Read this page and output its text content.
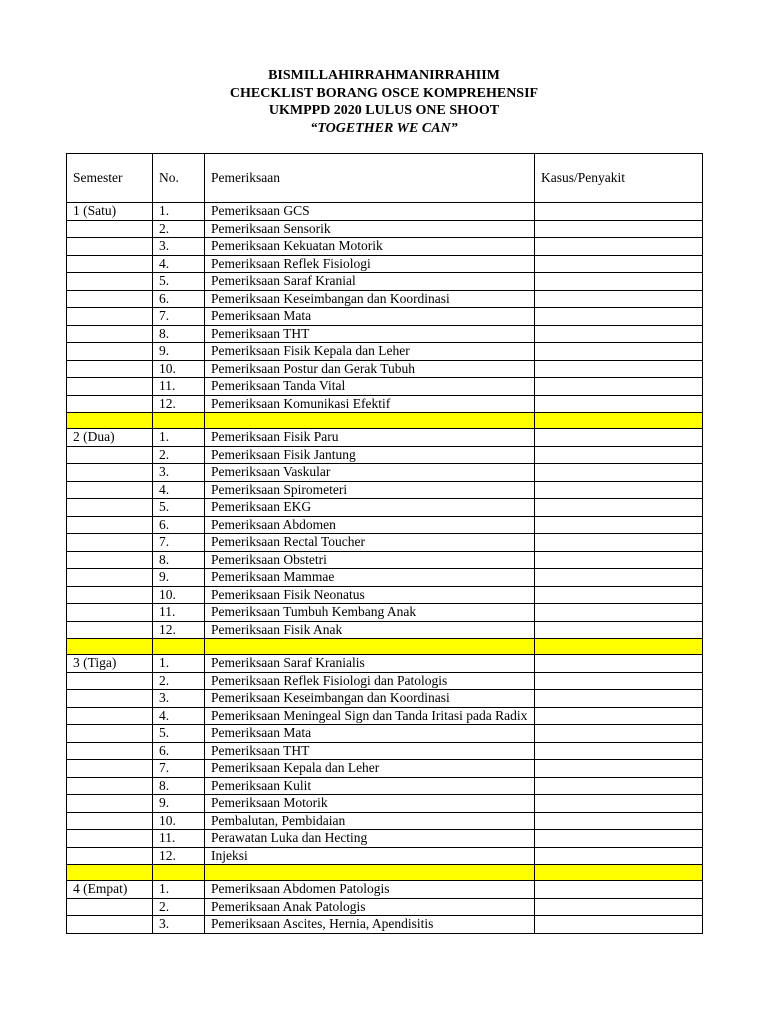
BISMILLAHIRRAHMANIRRAHIIM
CHECKLIST BORANG OSCE KOMPREHENSIF
UKMPPD 2020 LULUS ONE SHOOT
“TOGETHER WE CAN”
Semester	No.	Pemeriksaan	Kasus/Penyakit
1 (Satu)	1.	Pemeriksaan GCS	
	2.	Pemeriksaan Sensorik	
	3.	Pemeriksaan Kekuatan Motorik	
	4.	Pemeriksaan Reflek Fisiologi	
	5.	Pemeriksaan Saraf Kranial	
	6.	Pemeriksaan Keseimbangan dan Koordinasi	
	7.	Pemeriksaan Mata	
	8.	Pemeriksaan THT	
	9.	Pemeriksaan Fisik Kepala dan Leher	
	10.	Pemeriksaan Postur dan Gerak Tubuh	
	11.	Pemeriksaan Tanda Vital	
	12.	Pemeriksaan Komunikasi Efektif	

2 (Dua)	1.	Pemeriksaan Fisik Paru	
	2.	Pemeriksaan Fisik Jantung	
	3.	Pemeriksaan Vaskular	
	4.	Pemeriksaan Spirometeri	
	5.	Pemeriksaan EKG	
	6.	Pemeriksaan Abdomen	
	7.	Pemeriksaan Rectal Toucher	
	8.	Pemeriksaan Obstetri	
	9.	Pemeriksaan Mammae	
	10.	Pemeriksaan Fisik Neonatus	
	11.	Pemeriksaan Tumbuh Kembang Anak	
	12.	Pemeriksaan Fisik Anak	

3 (Tiga)	1.	Pemeriksaan Saraf Kranialis	
	2.	Pemeriksaan Reflek Fisiologi dan Patologis	
	3.	Pemeriksaan Keseimbangan dan Koordinasi	
	4.	Pemeriksaan Meningeal Sign dan Tanda Iritasi pada Radix	
	5.	Pemeriksaan Mata	
	6.	Pemeriksaan THT	
	7.	Pemeriksaan Kepala dan Leher	
	8.	Pemeriksaan Kulit	
	9.	Pemeriksaan Motorik	
	10.	Pembalutan, Pembidaian	
	11.	Perawatan Luka dan Hecting	
	12.	Injeksi	

4 (Empat)	1.	Pemeriksaan Abdomen Patologis	
	2.	Pemeriksaan Anak Patologis	
	3.	Pemeriksaan Ascites, Hernia, Apendisitis	
